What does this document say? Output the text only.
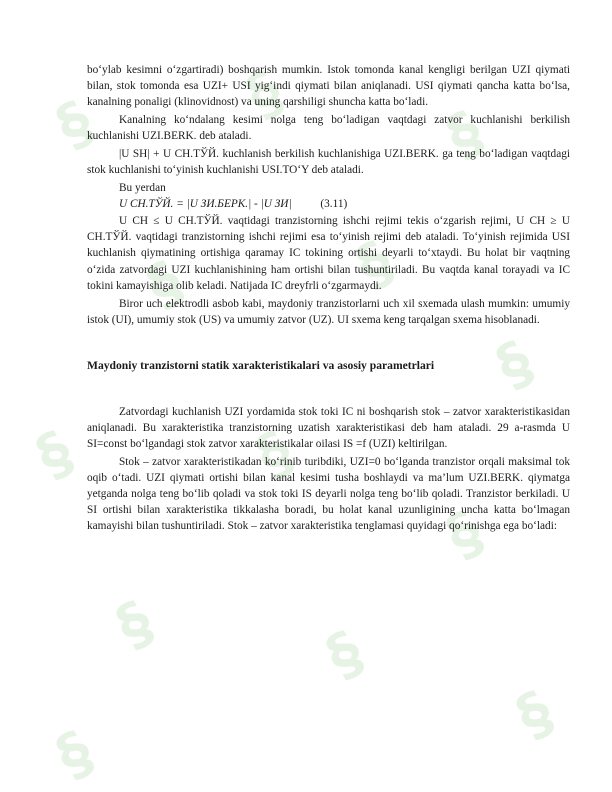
§ §
§
§	§
§
§	§
§
§	§
§
§

bo‘ylab kesimni o‘zgartiradi) boshqarish mumkin. Istok tomonda kanal kengligi berilgan U​ZI qiymati bilan, stok tomonda esa U​ZI+ U​SI yig‘indi qiymati bilan aniqlanadi. U​SI qiymati qancha katta bo‘lsa, kanalning ponaligi (klinovidnost) va uning qarshiligi shuncha katta bo‘ladi.

Kanalning ko‘ndalang kesimi nolga teng bo‘ladigan vaqtdagi zatvor kuchlanishi berkilish kuchlanishi U​ZI.BERK. deb ataladi.

|U SH| + U CH.TЎЙ. kuchlanish berkilish kuchlanishiga U​ZI.BERK. ga teng bo‘ladigan vaqtdagi stok kuchlanishi to‘yinish kuchlanishi U​SI.TO‘Y deb ataladi.

Bu yerdan

U CH.TЎЙ. = |U ЗИ.БЕРК.| - |U ЗИ|	(3.11)

U CH ≤ U CH.TЎЙ. vaqtidagi tranzistorning ishchi rejimi tekis o‘zgarish rejimi, U CH ≥ U CH.TЎЙ. vaqtidagi tranzistorning ishchi rejimi esa to‘yinish rejimi deb ataladi. To‘yinish rejimida U​SI kuchlanish qiymatining ortishiga qaramay I​C tokining ortishi deyarli to‘xtaydi. Bu holat bir vaqtning o‘zida zatvordagi U​ZI kuchlanishining ham ortishi bilan tushuntiriladi. Bu vaqtda kanal torayadi va I​C tokini kamayishiga olib keladi. Natijada I​C dreyfrli o‘zgarmaydi.

Biror uch elektrodli asbob kabi, maydoniy tranzistorlarni uch xil sxemada ulash mumkin: umumiy istok (UI), umumiy stok (US) va umumiy zatvor (UZ). UI sxema keng tarqalgan sxema hisoblanadi.

Maydoniy tranzistorni statik xarakteristikalari va asosiy parametrlari

Zatvordagi kuchlanish U​ZI yordamida stok toki I​C ni boshqarish stok – zatvor xarakteristikasidan aniqlanadi. Bu xarakteristika tranzistorning uzatish xarakteristikasi deb ham ataladi. 29 a-rasmda U​SI=const bo‘lgandagi stok zatvor xarakteristikalar oilasi I​S =f (U​ZI) keltirilgan.

Stok – zatvor xarakteristikadan ko‘rinib turibdiki, U​ZI=0 bo‘lganda tranzistor orqali maksimal tok oqib o‘tadi. U​ZI qiymati ortishi bilan kanal kesimi tusha boshlaydi va ma’lum U​ZI.BERK. qiymatga yetganda nolga teng bo‘lib qoladi va stok toki I​S deyarli nolga teng bo‘lib qoladi. Tranzistor berkiladi. U​SI ortishi bilan xarakteristika tikkalasha boradi, bu holat kanal uzunligining uncha katta bo‘lmagan kamayishi bilan tushuntiriladi. Stok – zatvor xarakteristika tenglamasi quyidagi qo‘rinishga ega bo‘ladi:
